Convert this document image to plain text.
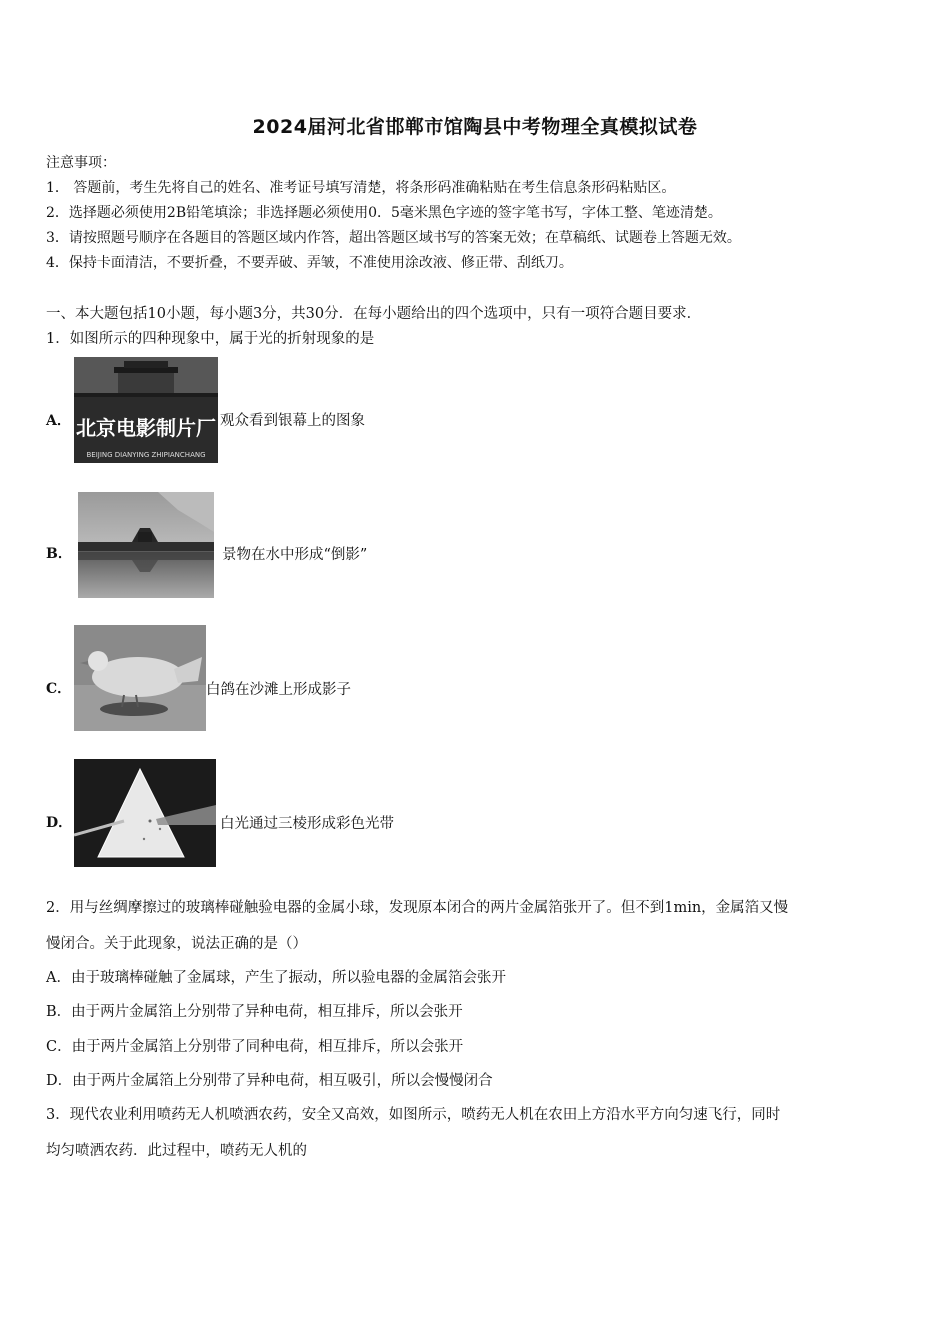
2024届河北省邯郸市馆陶县中考物理全真模拟试卷
注意事项：
1． 答题前，考生先将自己的姓名、准考证号填写清楚，将条形码准确粘贴在考生信息条形码粘贴区。
2．选择题必须使用2B铅笔填涂；非选择题必须使用0．5毫米黑色字迹的签字笔书写，字体工整、笔迹清楚。
3．请按照题号顺序在各题目的答题区域内作答，超出答题区域书写的答案无效；在草稿纸、试题卷上答题无效。
4．保持卡面清洁，不要折叠，不要弄破、弄皱，不准使用涂改液、修正带、刮纸刀。
一、本大题包括10小题，每小题3分，共30分．在每小题给出的四个选项中，只有一项符合题目要求．
1．如图所示的四种现象中，属于光的折射现象的是
A． 北京电影制片厂
BEIJING DIANYING ZHIPIANCHANG
观众看到银幕上的图象
B．	景物在水中形成“倒影”
C．	白鸽在沙滩上形成影子
D．	白光通过三棱形成彩色光带
2．用与丝绸摩擦过的玻璃棒碰触验电器的金属小球，发现原本闭合的两片金属箔张开了。但不到1min，金属箔又慢
慢闭合。关于此现象，说法正确的是（）
A．由于玻璃棒碰触了金属球，产生了振动，所以验电器的金属箔会张开
B．由于两片金属箔上分别带了异种电荷，相互排斥，所以会张开
C．由于两片金属箔上分别带了同种电荷，相互排斥，所以会张开
D．由于两片金属箔上分别带了异种电荷，相互吸引，所以会慢慢闭合
3．现代农业利用喷药无人机喷洒农药，安全又高效，如图所示，喷药无人机在农田上方沿水平方向匀速飞行，同时
均匀喷洒农药．此过程中，喷药无人机的
